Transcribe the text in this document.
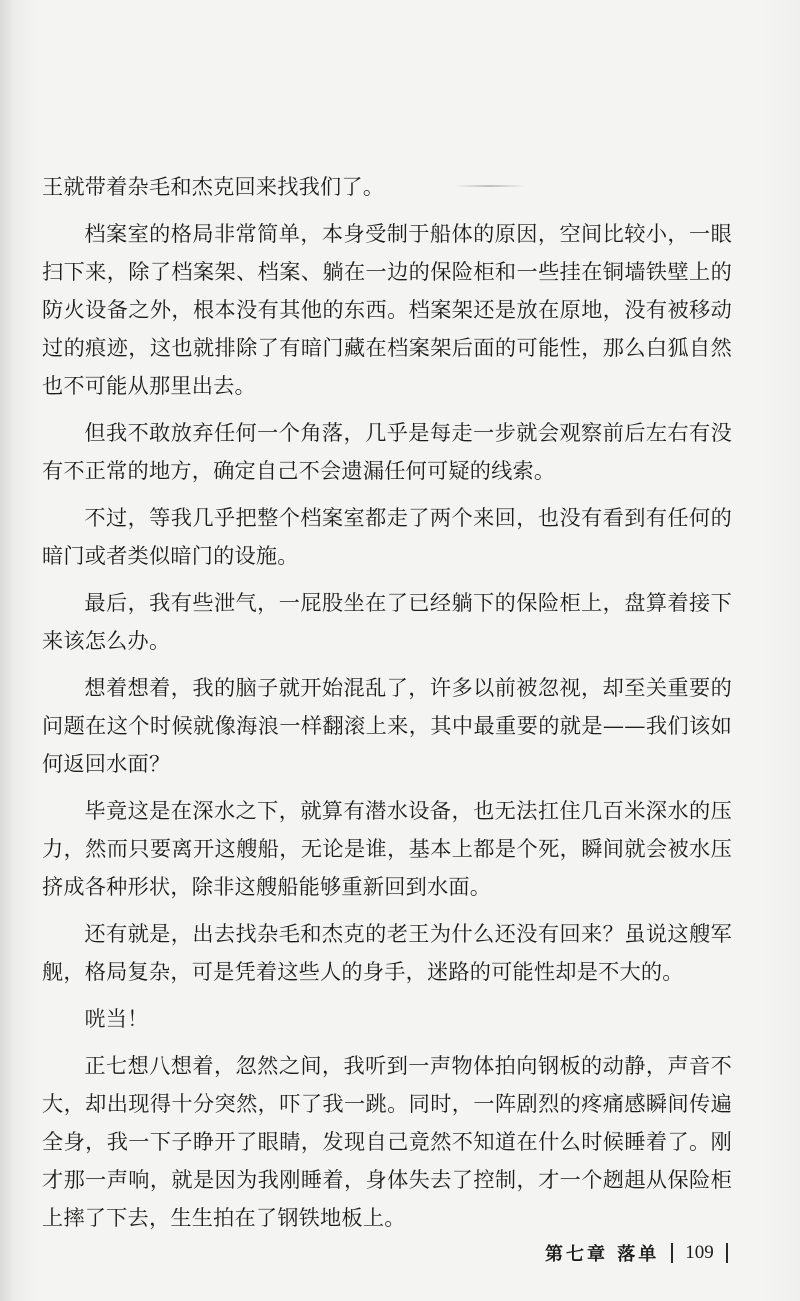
王就带着杂毛和杰克回来找我们了。

档案室的格局非常简单，本身受制于船体的原因，空间比较小，一眼扫下来，除了档案架、档案、躺在一边的保险柜和一些挂在铜墙铁壁上的防火设备之外，根本没有其他的东西。档案架还是放在原地，没有被移动过的痕迹，这也就排除了有暗门藏在档案架后面的可能性，那么白狐自然也不可能从那里出去。

但我不敢放弃任何一个角落，几乎是每走一步就会观察前后左右有没有不正常的地方，确定自己不会遗漏任何可疑的线索。

不过，等我几乎把整个档案室都走了两个来回，也没有看到有任何的暗门或者类似暗门的设施。

最后，我有些泄气，一屁股坐在了已经躺下的保险柜上，盘算着接下来该怎么办。

想着想着，我的脑子就开始混乱了，许多以前被忽视，却至关重要的问题在这个时候就像海浪一样翻滚上来，其中最重要的就是——我们该如何返回水面？

毕竟这是在深水之下，就算有潜水设备，也无法扛住几百米深水的压力，然而只要离开这艘船，无论是谁，基本上都是个死，瞬间就会被水压挤成各种形状，除非这艘船能够重新回到水面。

还有就是，出去找杂毛和杰克的老王为什么还没有回来？虽说这艘军舰，格局复杂，可是凭着这些人的身手，迷路的可能性却是不大的。

咣当！

正七想八想着，忽然之间，我听到一声物体拍向钢板的动静，声音不大，却出现得十分突然，吓了我一跳。同时，一阵剧烈的疼痛感瞬间传遍全身，我一下子睁开了眼睛，发现自己竟然不知道在什么时候睡着了。刚才那一声响，就是因为我刚睡着，身体失去了控制，才一个趔趄从保险柜上摔了下去，生生拍在了钢铁地板上。

第七章 落单 109
